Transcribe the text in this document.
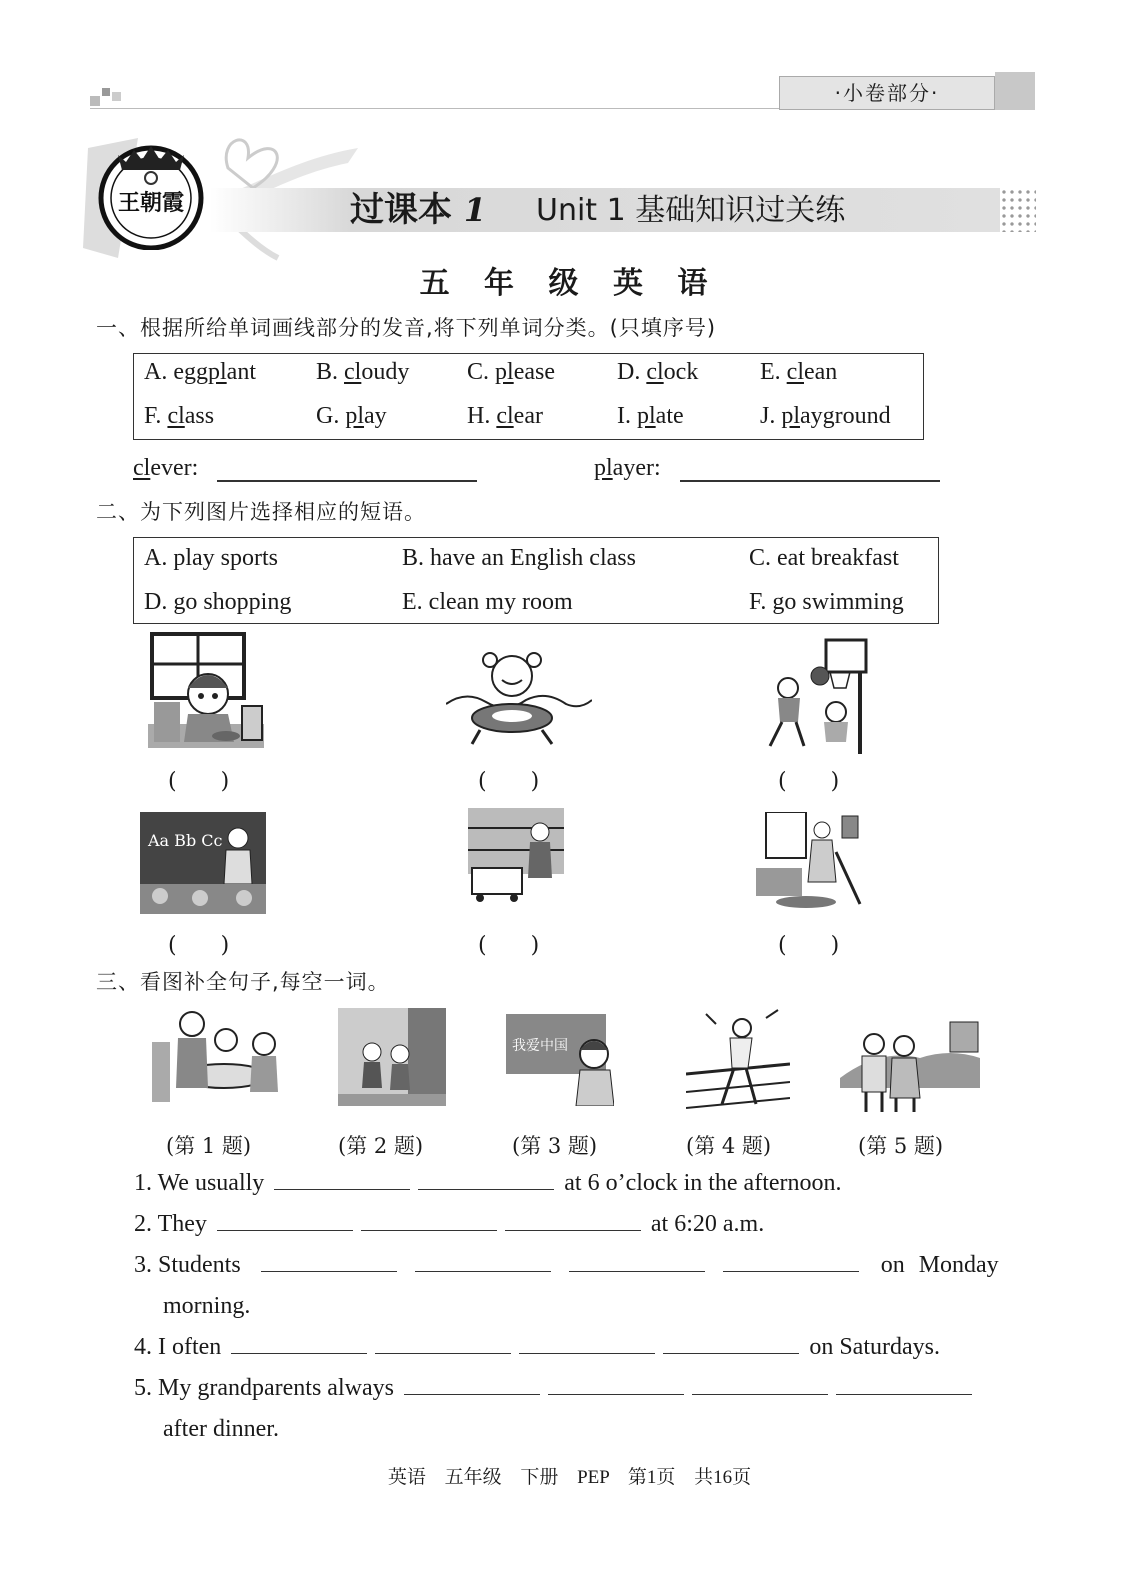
·小卷部分·
王朝霞	过课本 1 Unit 1 基础知识过关练
五 年 级 英 语
一、根据所给单词画线部分的发音,将下列单词分类。(只填序号)
A. eggplant	B. cloudy C. please	D. clock	E. clean
F. class	G. play	H. clear	I. plate	J. playground
clever:	player:
二、为下列图片选择相应的短语。
A. play sports	B. have an English class	C. eat breakfast
D. go shopping	E. clean my room	F. go swimming
(　　)	(　　)	(　　)
Aa Bb Cc
(　　)	(　　)	(　　)
三、看图补全句子,每空一词。
我爱中国
(第 1 题)	(第 2 题)	(第 3 题)	(第 4 题)	(第 5 题)
1. We usually	at 6 o’clock in the afternoon.
2. They	at 6:20 a.m.
3. Students	on Monday
morning.
4. I often	on Saturdays.
5. My grandparents always
after dinner.
英语 五年级 下册 PEP 第1页 共16页
